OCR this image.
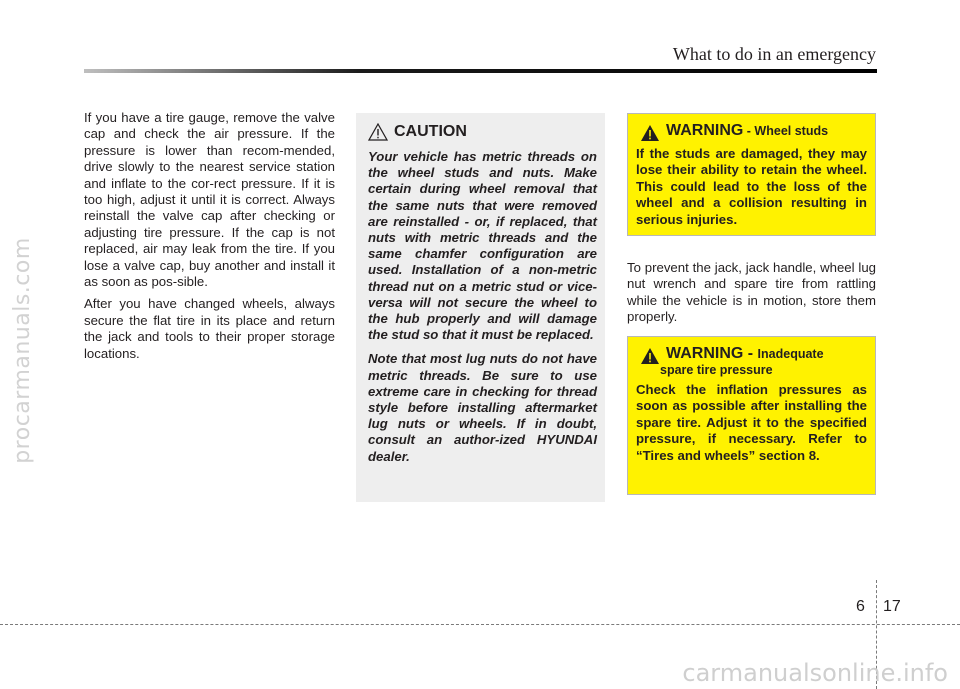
procarmanuals.com
What to do in an emergency

If you have a tire gauge, remove the valve cap and check the air pressure. If the pressure is lower than recom-mended, drive slowly to the nearest service station and inflate to the cor-rect pressure. If it is too high, adjust it until it is correct. Always reinstall the valve cap after checking or adjusting tire pressure. If the cap is not replaced, air may leak from the tire. If you lose a valve cap, buy another and install it as soon as pos-sible.

After you have changed wheels, always secure the flat tire in its place and return the jack and tools to their proper storage locations.

CAUTION

Your vehicle has metric threads on the wheel studs and nuts. Make certain during wheel removal that the same nuts that were removed are reinstalled - or, if replaced, that nuts with metric threads and the same chamfer configuration are used. Installation of a non-metric thread nut on a metric stud or vice-versa will not secure the wheel to the hub properly and will damage the stud so that it must be replaced.

Note that most lug nuts do not have metric threads. Be sure to use extreme care in checking for thread style before installing aftermarket lug nuts or wheels. If in doubt, consult an author-ized HYUNDAI dealer.

WARNING - Wheel studs
If the studs are damaged, they may lose their ability to retain the wheel. This could lead to the loss of the wheel and a collision resulting in serious injuries.
To prevent the jack, jack handle, wheel lug nut wrench and spare tire from rattling while the vehicle is in motion, store them properly.
WARNING - Inadequate
spare tire pressure
Check the inflation pressures as soon as possible after installing the spare tire. Adjust it to the specified pressure, if necessary. Refer to “Tires and wheels” section 8.
6 17
carmanualsonline.info
